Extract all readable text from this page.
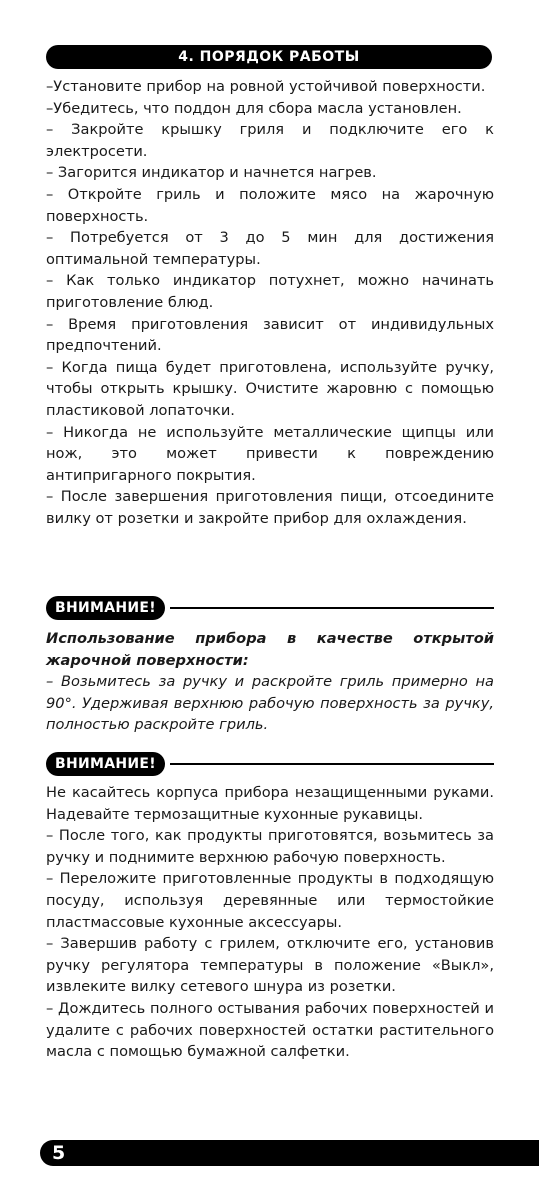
4. ПОРЯДОК РАБОТЫ

–Установите прибор на ровной устойчивой поверхности.

–Убедитесь, что поддон для сбора масла установлен.

– Закройте крышку гриля и подключите его к электросети.

– Загорится индикатор и начнется нагрев.

– Откройте гриль и положите мясо на жарочную поверхность.

– Потребуется от 3 до 5 мин для достижения оптимальной температуры.

– Как только индикатор потухнет, можно начинать приготовление блюд.

– Время приготовления зависит от индивидульных предпочтений.

– Когда пища будет приготовлена, используйте ручку, чтобы открыть крышку. Очистите жаровню с помощью пластиковой лопаточки.

– Никогда не используйте металлические щипцы или нож, это может привести к повреждению антипригарного покрытия.

– После завершения приготовления пищи, отсоедините вилку от розетки и закройте прибор для охлаждения.

ВНИМАНИЕ!

Использование прибора в качестве открытой жарочной поверхности:

– Возьмитесь за ручку и раскройте гриль примерно на 90°. Удерживая верхнюю рабочую поверхность за ручку, полностью раскройте гриль.

ВНИМАНИЕ!

Не касайтесь корпуса прибора незащищенными руками. Надевайте термозащитные кухонные рукавицы.

– После того, как продукты приготовятся, возьмитесь за ручку и поднимите верхнюю рабочую поверхность.

– Переложите приготовленные продукты в подходящую посуду, используя деревянные или термостойкие пластмассовые кухонные аксессуары.

– Завершив работу с грилем, отключите его, установив ручку регулятора температуры в положение «Выкл», извлеките вилку сетевого шнура из розетки.

– Дождитесь полного остывания рабочих поверхностей и удалите с рабочих поверхностей остатки растительного масла с помощью бумажной салфетки.

5
